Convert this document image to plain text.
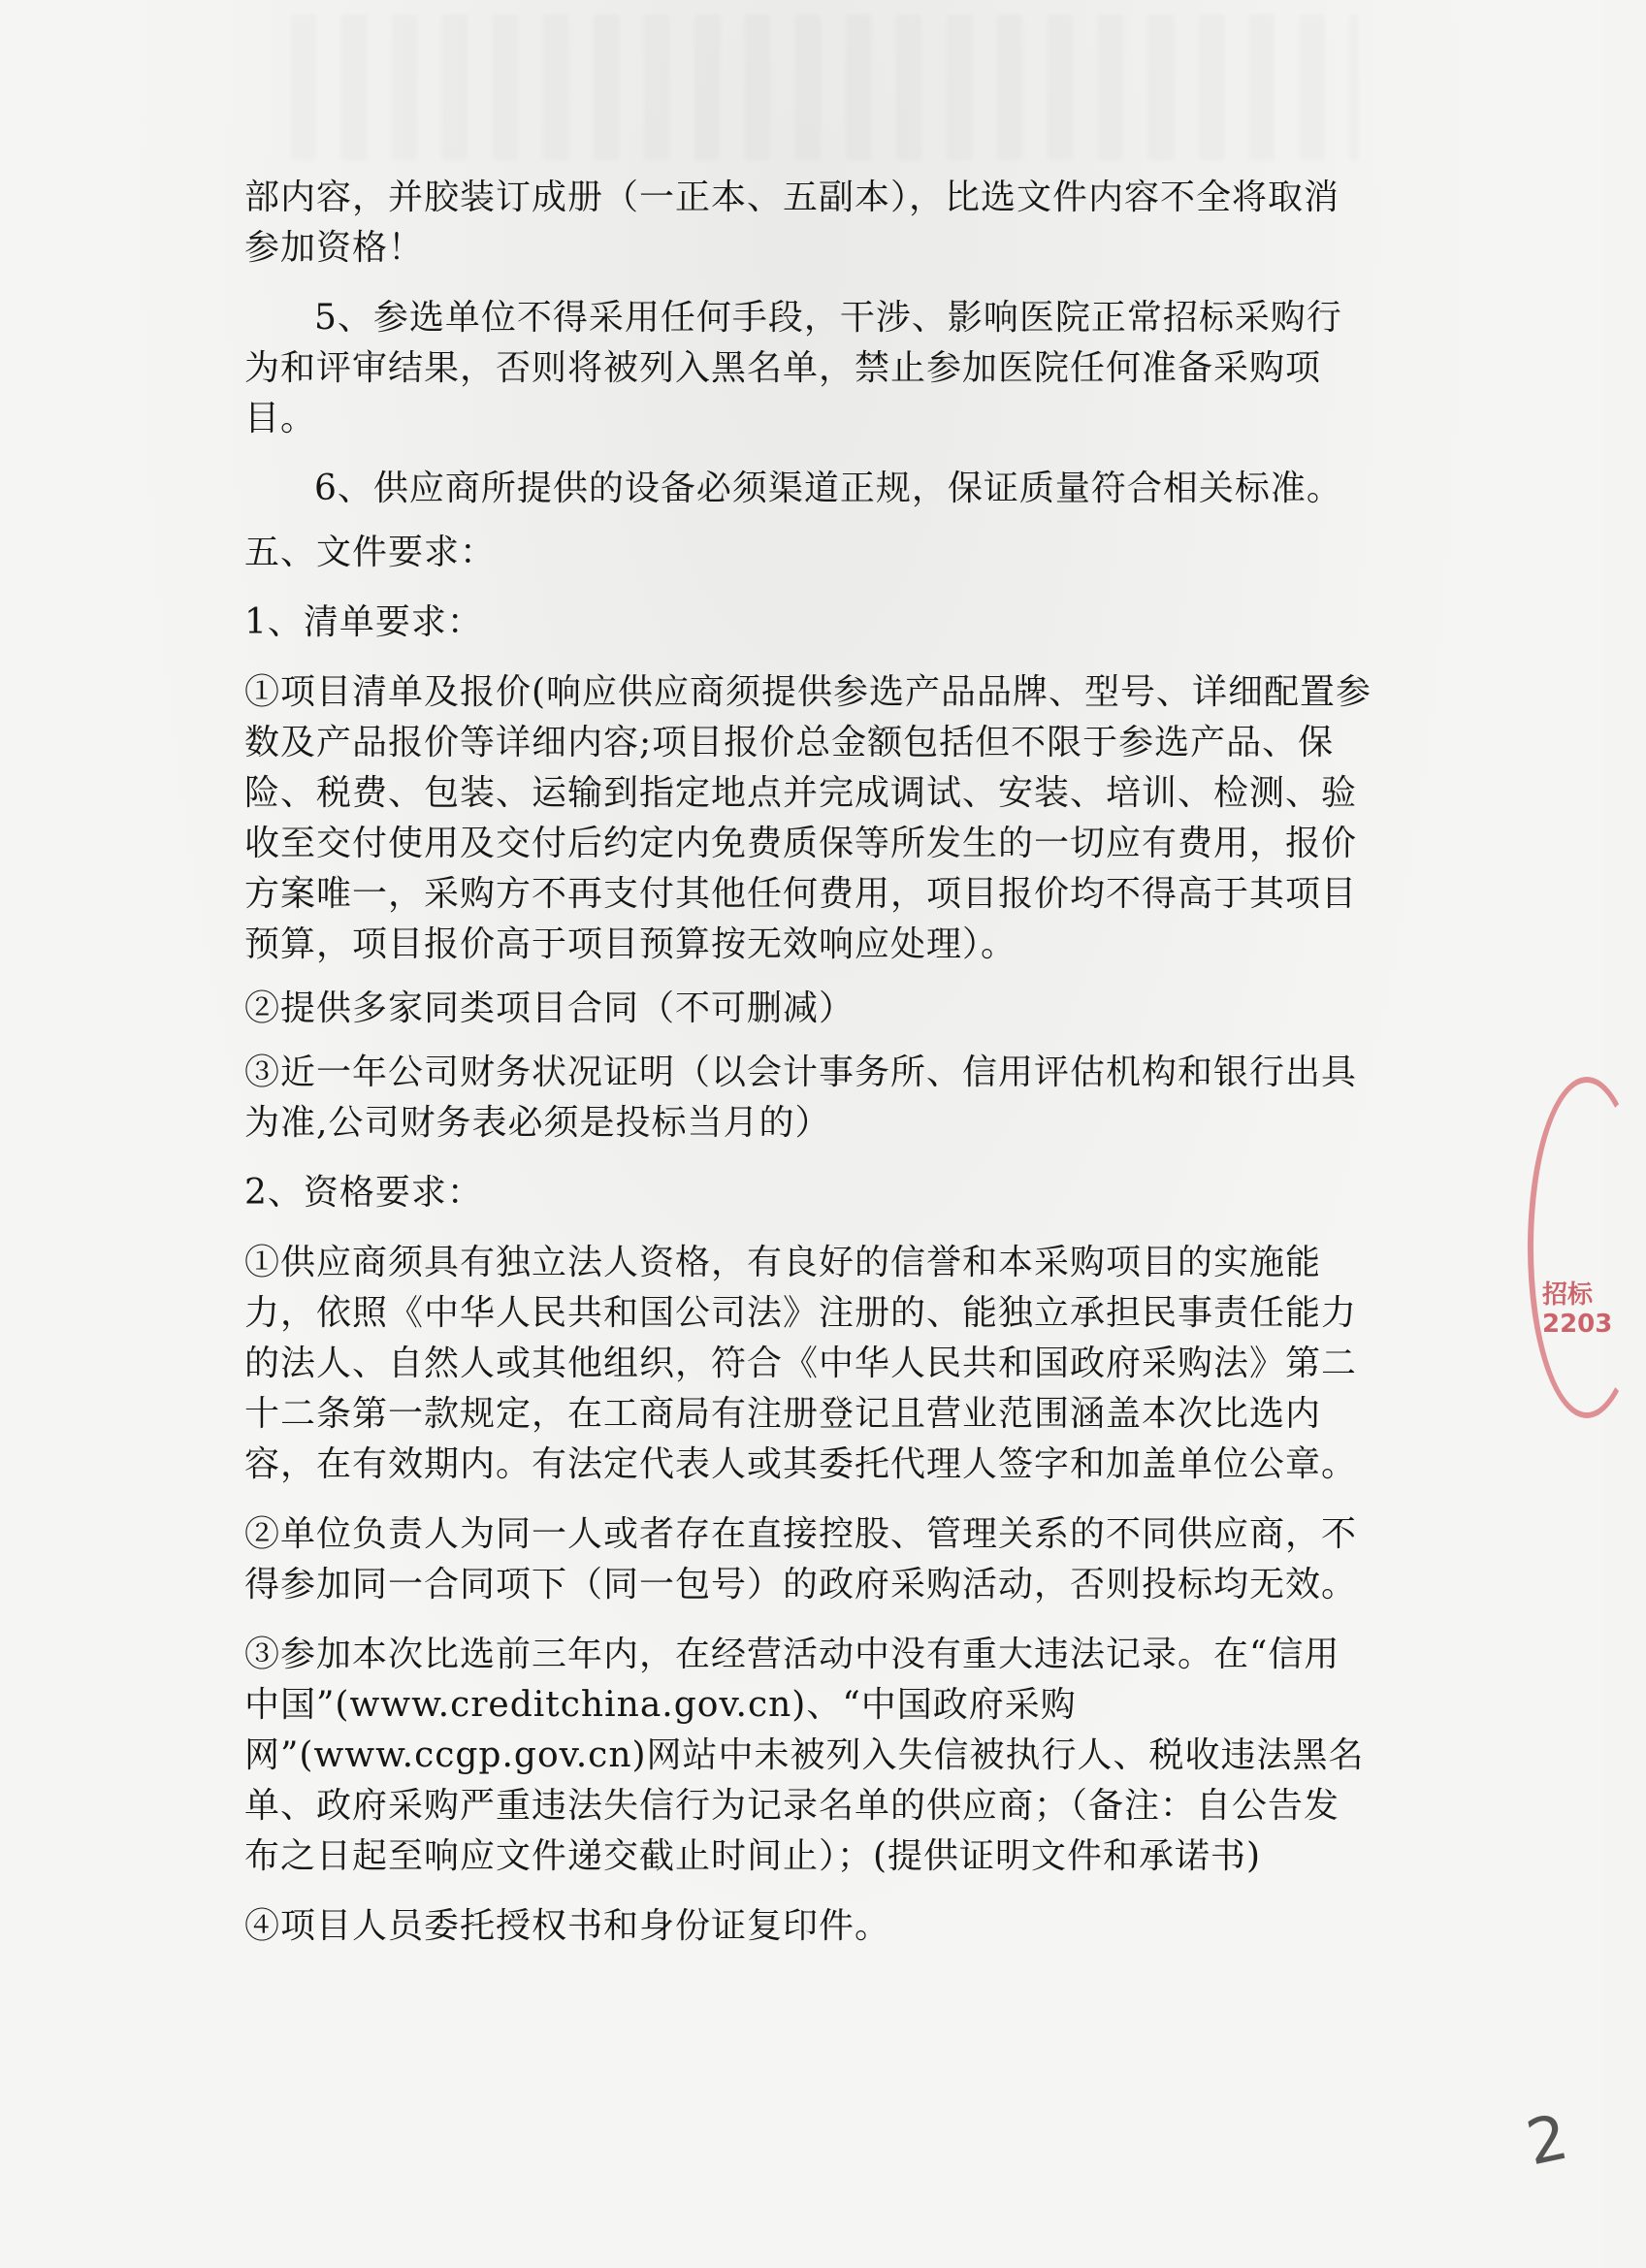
部内容，并胶装订成册（一正本、五副本），比选文件内容不全将取消参加资格！

5、参选单位不得采用任何手段，干涉、影响医院正常招标采购行为和评审结果，否则将被列入黑名单，禁止参加医院任何准备采购项目。

6、供应商所提供的设备必须渠道正规，保证质量符合相关标准。

五、文件要求：

1、清单要求：

①项目清单及报价(响应供应商须提供参选产品品牌、型号、详细配置参数及产品报价等详细内容;项目报价总金额包括但不限于参选产品、保险、税费、包装、运输到指定地点并完成调试、安装、培训、检测、验收至交付使用及交付后约定内免费质保等所发生的一切应有费用，报价方案唯一，采购方不再支付其他任何费用，项目报价均不得高于其项目预算，项目报价高于项目预算按无效响应处理）。

②提供多家同类项目合同（不可删减）

③近一年公司财务状况证明（以会计事务所、信用评估机构和银行出具为准,公司财务表必须是投标当月的）

2、资格要求：

①供应商须具有独立法人资格，有良好的信誉和本采购项目的实施能力，依照《中华人民共和国公司法》注册的、能独立承担民事责任能力的法人、自然人或其他组织，符合《中华人民共和国政府采购法》第二十二条第一款规定，在工商局有注册登记且营业范围涵盖本次比选内容，在有效期内。有法定代表人或其委托代理人签字和加盖单位公章。

②单位负责人为同一人或者存在直接控股、管理关系的不同供应商，不得参加同一合同项下（同一包号）的政府采购活动，否则投标均无效。

③参加本次比选前三年内，在经营活动中没有重大违法记录。在“信用中国”(www.creditchina.gov.cn)、“中国政府采购网”(www.ccgp.gov.cn)网站中未被列入失信被执行人、税收违法黑名单、政府采购严重违法失信行为记录名单的供应商；（备注：自公告发布之日起至响应文件递交截止时间止）；(提供证明文件和承诺书)

④项目人员委托授权书和身份证复印件。

招标 2203
2
